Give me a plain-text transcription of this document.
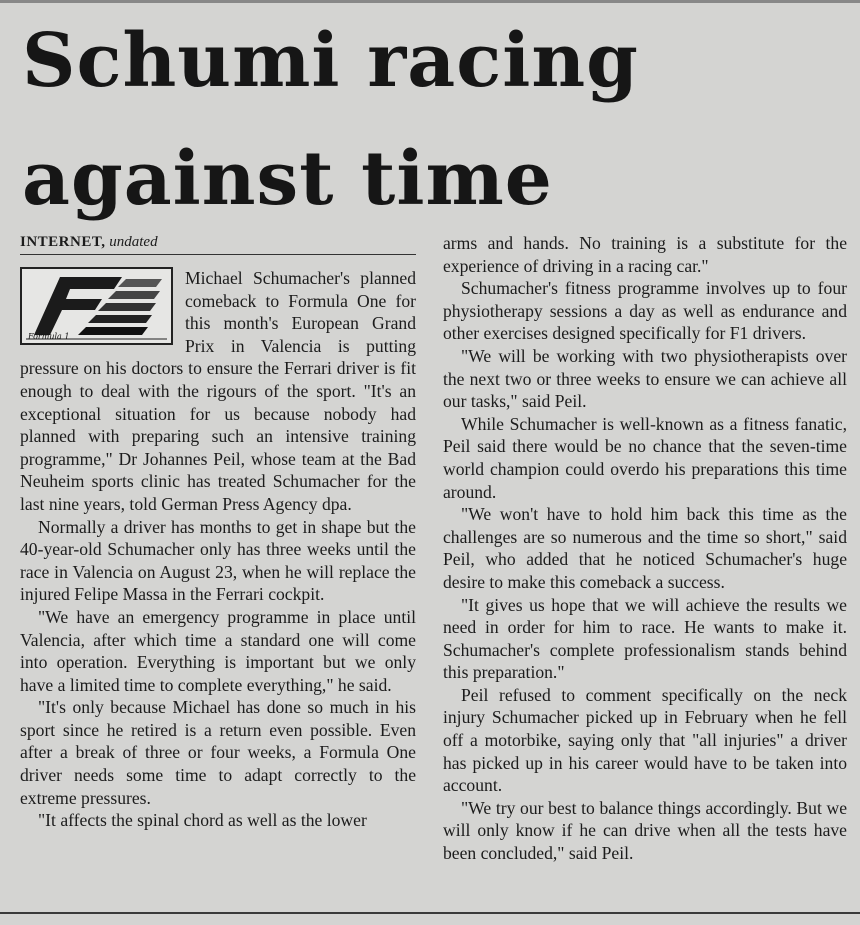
Schumi racing against time
INTERNET, undated
Formula 1

Michael Schumacher's planned comeback to Formula One for this month's European Grand Prix in Valencia is putting pressure on his doctors to ensure the Ferrari driver is fit enough to deal with the rigours of the sport. "It's an exceptional situation for us because nobody had planned with preparing such an intensive training programme," Dr Johannes Peil, whose team at the Bad Neuheim sports clinic has treated Schumacher for the last nine years, told German Press Agency dpa.

Normally a driver has months to get in shape but the 40-year-old Schumacher only has three weeks until the race in Valencia on August 23, when he will replace the injured Felipe Massa in the Ferrari cockpit.

"We have an emergency programme in place until Valencia, after which time a standard one will come into operation. Everything is important but we only have a limited time to complete everything," he said.

"It's only because Michael has done so much in his sport since he retired is a return even possible. Even after a break of three or four weeks, a Formula One driver needs some time to adapt correctly to the extreme pressures.

"It affects the spinal chord as well as the lower

arms and hands. No training is a substitute for the experience of driving in a racing car."

Schumacher's fitness programme involves up to four physiotherapy sessions a day as well as endurance and other exercises designed specifically for F1 drivers.

"We will be working with two physiotherapists over the next two or three weeks to ensure we can achieve all our tasks," said Peil.

While Schumacher is well-known as a fitness fanatic, Peil said there would be no chance that the seven-time world champion could overdo his preparations this time around.

"We won't have to hold him back this time as the challenges are so numerous and the time so short," said Peil, who added that he noticed Schumacher's huge desire to make this comeback a success.

"It gives us hope that we will achieve the results we need in order for him to race. He wants to make it. Schumacher's complete professionalism stands behind this preparation."

Peil refused to comment specifically on the neck injury Schumacher picked up in February when he fell off a motorbike, saying only that "all injuries" a driver has picked up in his career would have to be taken into account.

"We try our best to balance things accordingly. But we will only know if he can drive when all the tests have been concluded," said Peil.
